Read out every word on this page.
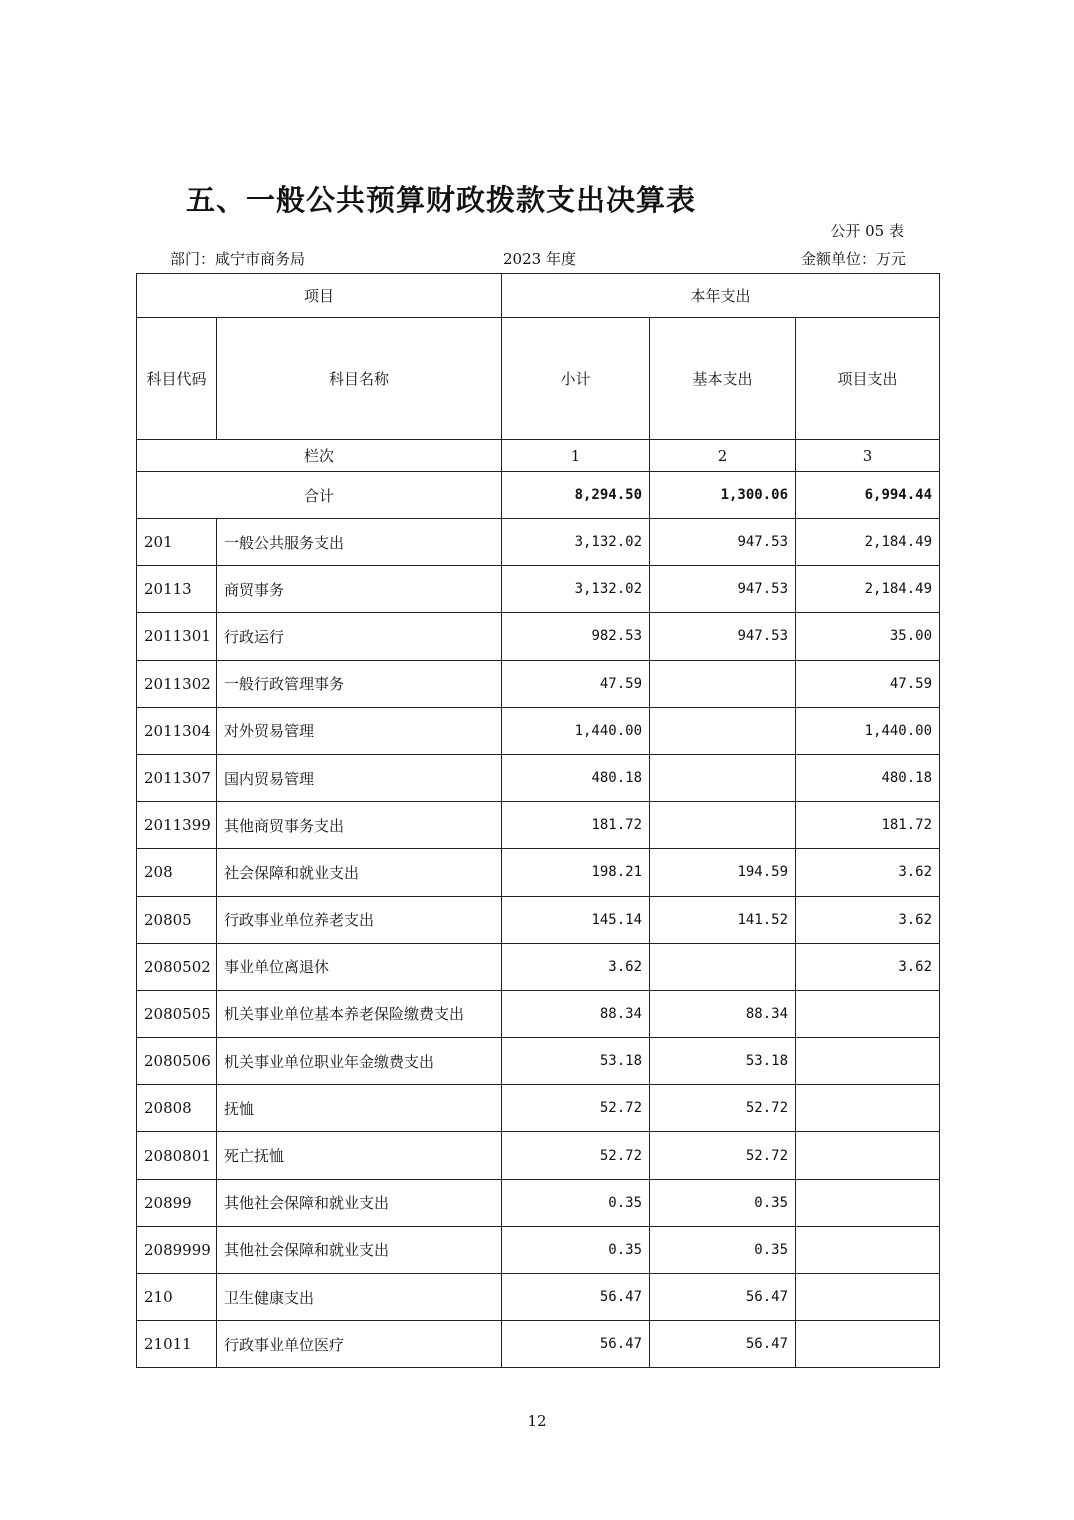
五、一般公共预算财政拨款支出决算表
公开 05 表
部门：咸宁市商务局	2023 年度	金额单位：万元
项目		本年支出		
科目代码	科目名称	小计	基本支出	项目支出
栏次		1	2	3
合计		8,294.50	1,300.06	6,994.44
201	一般公共服务支出	3,132.02	947.53	2,184.49
20113	商贸事务	3,132.02	947.53	2,184.49
2011301	行政运行	982.53	947.53	35.00
2011302	一般行政管理事务	47.59		47.59
2011304	对外贸易管理	1,440.00		1,440.00
2011307	国内贸易管理	480.18		480.18
2011399	其他商贸事务支出	181.72		181.72
208	社会保障和就业支出	198.21	194.59	3.62
20805	行政事业单位养老支出	145.14	141.52	3.62
2080502	事业单位离退休	3.62		3.62
2080505	机关事业单位基本养老保险缴费支出	88.34	88.34	
2080506	机关事业单位职业年金缴费支出	53.18	53.18	
20808	抚恤	52.72	52.72	
2080801	死亡抚恤	52.72	52.72	
20899	其他社会保障和就业支出	0.35	0.35	
2089999	其他社会保障和就业支出	0.35	0.35	
210	卫生健康支出	56.47	56.47	
21011	行政事业单位医疗	56.47	56.47	
12
